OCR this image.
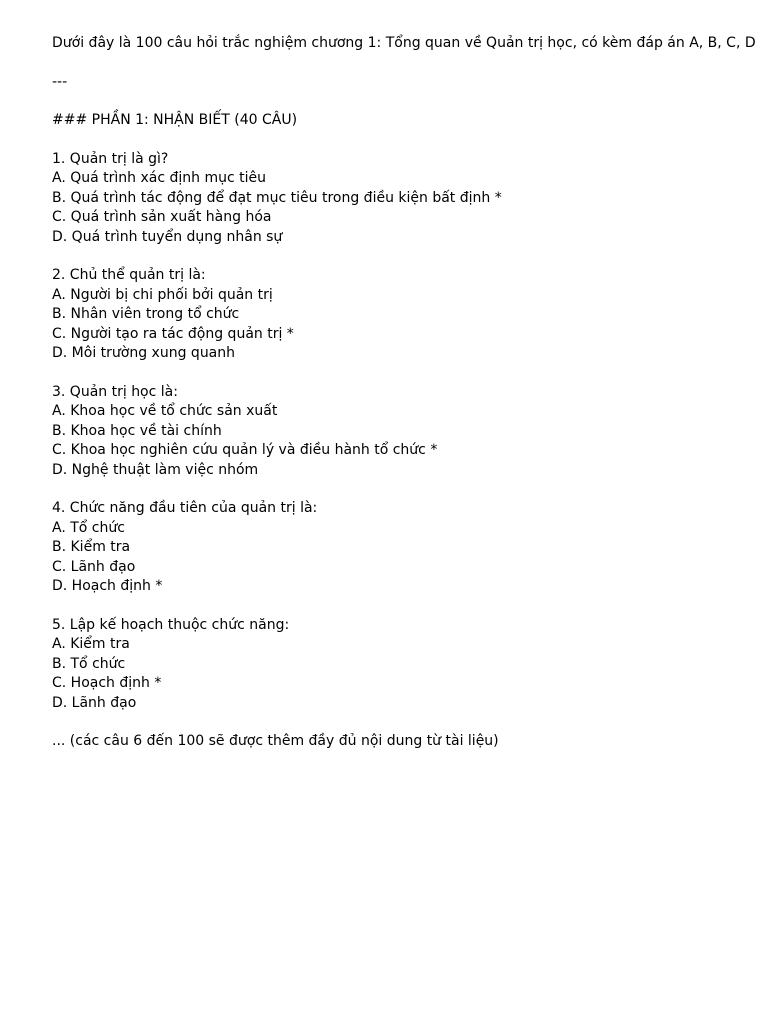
Dưới đây là 100 câu hỏi trắc nghiệm chương 1: Tổng quan về Quản trị học, có kèm đáp án A, B, C, D

---

### PHẦN 1: NHẬN BIẾT (40 CÂU)

1. Quản trị là gì?

A. Quá trình xác định mục tiêu

B. Quá trình tác động để đạt mục tiêu trong điều kiện bất định *

C. Quá trình sản xuất hàng hóa

D. Quá trình tuyển dụng nhân sự

2. Chủ thể quản trị là:

A. Người bị chi phối bởi quản trị

B. Nhân viên trong tổ chức

C. Người tạo ra tác động quản trị *

D. Môi trường xung quanh

3. Quản trị học là:

A. Khoa học về tổ chức sản xuất

B. Khoa học về tài chính

C. Khoa học nghiên cứu quản lý và điều hành tổ chức *

D. Nghệ thuật làm việc nhóm

4. Chức năng đầu tiên của quản trị là:

A. Tổ chức

B. Kiểm tra

C. Lãnh đạo

D. Hoạch định *

5. Lập kế hoạch thuộc chức năng:

A. Kiểm tra

B. Tổ chức

C. Hoạch định *

D. Lãnh đạo

... (các câu 6 đến 100 sẽ được thêm đầy đủ nội dung từ tài liệu)
